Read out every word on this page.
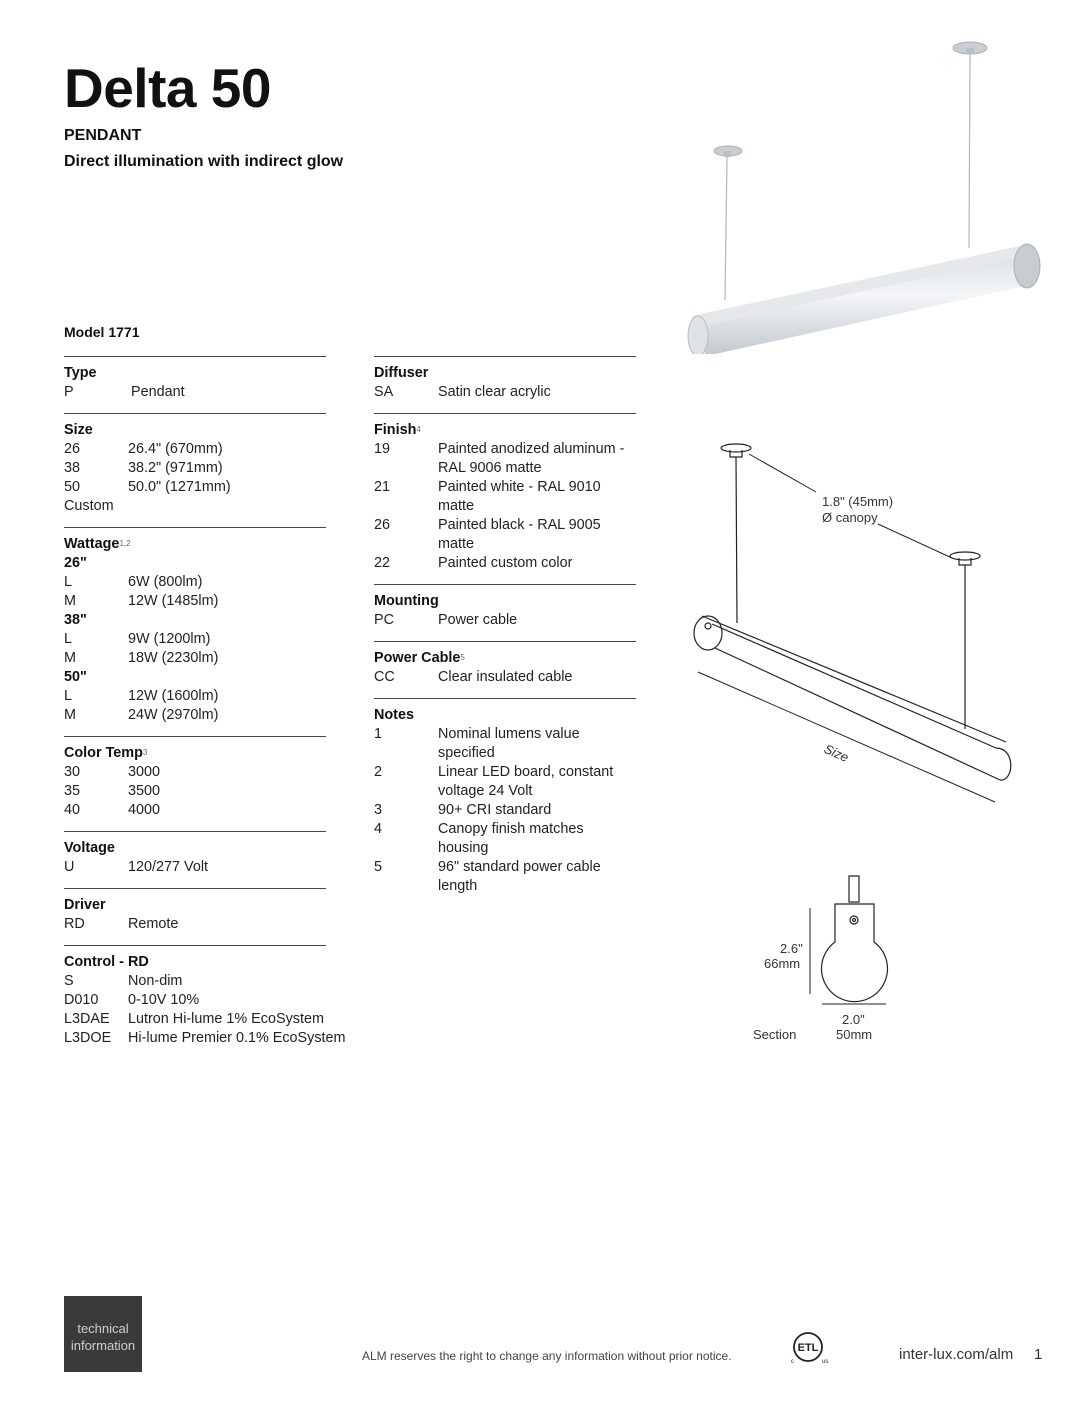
Delta 50
PENDANT
Direct illumination with indirect glow
Model 1771
Size
1.8" (45mm)
Ø canopy
2.6"
66mm
2.0"
50mm
Section
Type
P	Pendant
Size
26	26.4" (670mm)
38	38.2" (971mm)
50	50.0" (1271mm)
Custom
Wattage$^{1,2}$
26"
L	6W (800lm)
M	12W (1485lm)
38"
L	9W (1200lm)
M	18W (2230lm)
50"
L	12W (1600lm)
M	24W (2970lm)
Color Temp$^3$
30	3000
35	3500
40	4000
Voltage
U	120/277 Volt
Driver
RD	Remote
Control - RD
S	Non-dim
D010	0-10V 10%
L3DAE	Lutron Hi-lume 1% EcoSystem
L3DOE	Hi-lume Premier 0.1% EcoSystem
Diffuser
SA	Satin clear acrylic
Finish$^4$
19	Painted anodized aluminum - RAL 9006 matte
21	Painted white - RAL 9010 matte
26	Painted black - RAL 9005 matte
22	Painted custom color
Mounting
PC	Power cable
Power Cable$^5$
CC	Clear insulated cable
Notes
1	Nominal lumens value specified
2	Linear LED board, constant voltage 24 Volt
3	90+ CRI standard
4	Canopy finish matches housing
5	96" standard power cable length
technical
information
ALM reserves the right to change any information without prior notice.
ETL
c	us	inter-lux.com/alm 1
